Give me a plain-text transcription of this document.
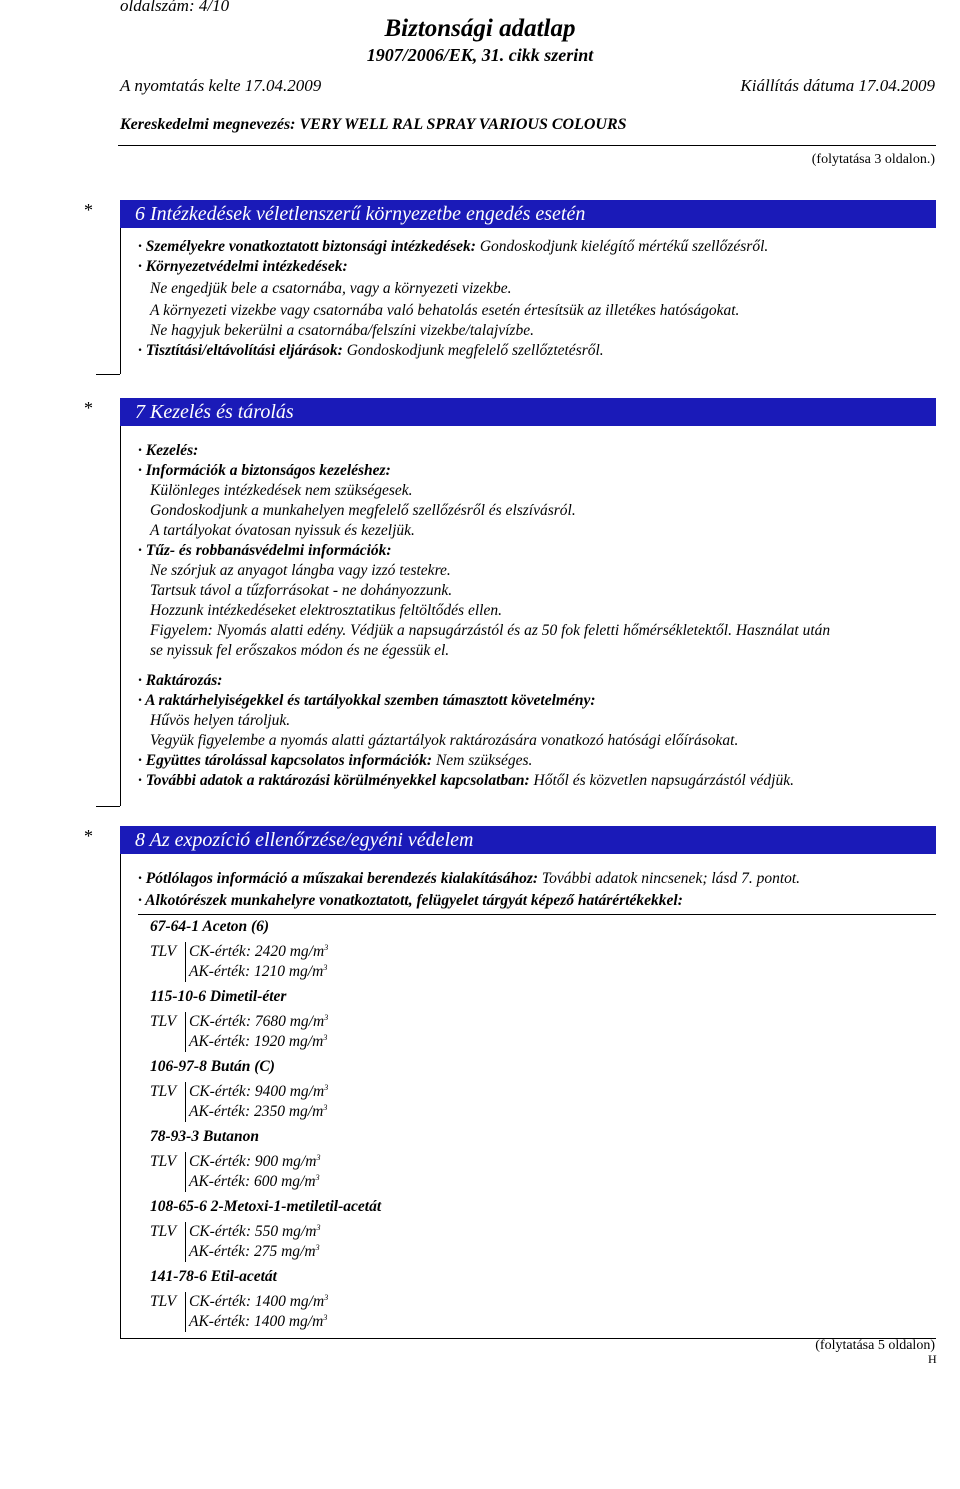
oldalszám: 4/10
Biztonsági adatlap
1907/2006/EK, 31. cikk szerint
A nyomtatás kelte 17.04.2009	Kiállítás dátuma 17.04.2009
Kereskedelmi megnevezés: VERY WELL RAL SPRAY VARIOUS COLOURS
(folytatása 3 oldalon.)
*	6 Intézkedések véletlenszerű környezetbe engedés esetén
· Személyekre vonatkoztatott biztonsági intézkedések: Gondoskodjunk kielégítő mértékű szellőzésről.
· Környezetvédelmi intézkedések:
Ne engedjük bele a csatornába, vagy a környezeti vizekbe.
A környezeti vizekbe vagy csatornába való behatolás esetén értesítsük az illetékes hatóságokat.
Ne hagyjuk bekerülni a csatornába/felszíni vizekbe/talajvízbe.
· Tisztítási/eltávolítási eljárások: Gondoskodjunk megfelelő szellőztetésről.
*	7 Kezelés és tárolás
· Kezelés:
· Információk a biztonságos kezeléshez:
Különleges intézkedések nem szükségesek.
Gondoskodjunk a munkahelyen megfelelő szellőzésről és elszívásról.
A tartályokat óvatosan nyissuk és kezeljük.
· Tűz- és robbanásvédelmi információk:
Ne szórjuk az anyagot lángba vagy izzó testekre.
Tartsuk távol a tűzforrásokat - ne dohányozzunk.
Hozzunk intézkedéseket elektrosztatikus feltöltődés ellen.
Figyelem: Nyomás alatti edény. Védjük a napsugárzástól és az 50 fok feletti hőmérsékletektől. Használat után
se nyissuk fel erőszakos módon és ne égessük el.
· Raktározás:
· A raktárhelyiségekkel és tartályokkal szemben támasztott követelmény:
Hűvös helyen tároljuk.
Vegyük figyelembe a nyomás alatti gáztartályok raktározására vonatkozó hatósági előírásokat.
· Együttes tárolással kapcsolatos információk: Nem szükséges.
· További adatok a raktározási körülményekkel kapcsolatban: Hőtől és közvetlen napsugárzástól védjük.
*	8 Az expozíció ellenőrzése/egyéni védelem
· Pótlólagos információ a műszakai berendezés kialakításához: További adatok nincsenek; lásd 7. pontot.
· Alkotórészek munkahelyre vonatkoztatott, felügyelet tárgyát képező határértékekkel:
67-64-1 Aceton (6)
TLV CK-érték: 2420 $mg/m^3$
AK-érték: 1210 $mg/m^3$
115-10-6 Dimetil-éter
TLV CK-érték: 7680 $mg/m^3$
AK-érték: 1920 $mg/m^3$
106-97-8 Bután (C)
TLV CK-érték: 9400 $mg/m^3$
AK-érték: 2350 $mg/m^3$
78-93-3 Butanon
TLV CK-érték: 900 $mg/m^3$
AK-érték: 600 $mg/m^3$
108-65-6 2-Metoxi-1-metiletil-acetát
TLV CK-érték: 550 $mg/m^3$
AK-érték: 275 $mg/m^3$
141-78-6 Etil-acetát
TLV CK-érték: 1400 $mg/m^3$
AK-érték: 1400 $mg/m^3$
(folytatása 5 oldalon)
H
